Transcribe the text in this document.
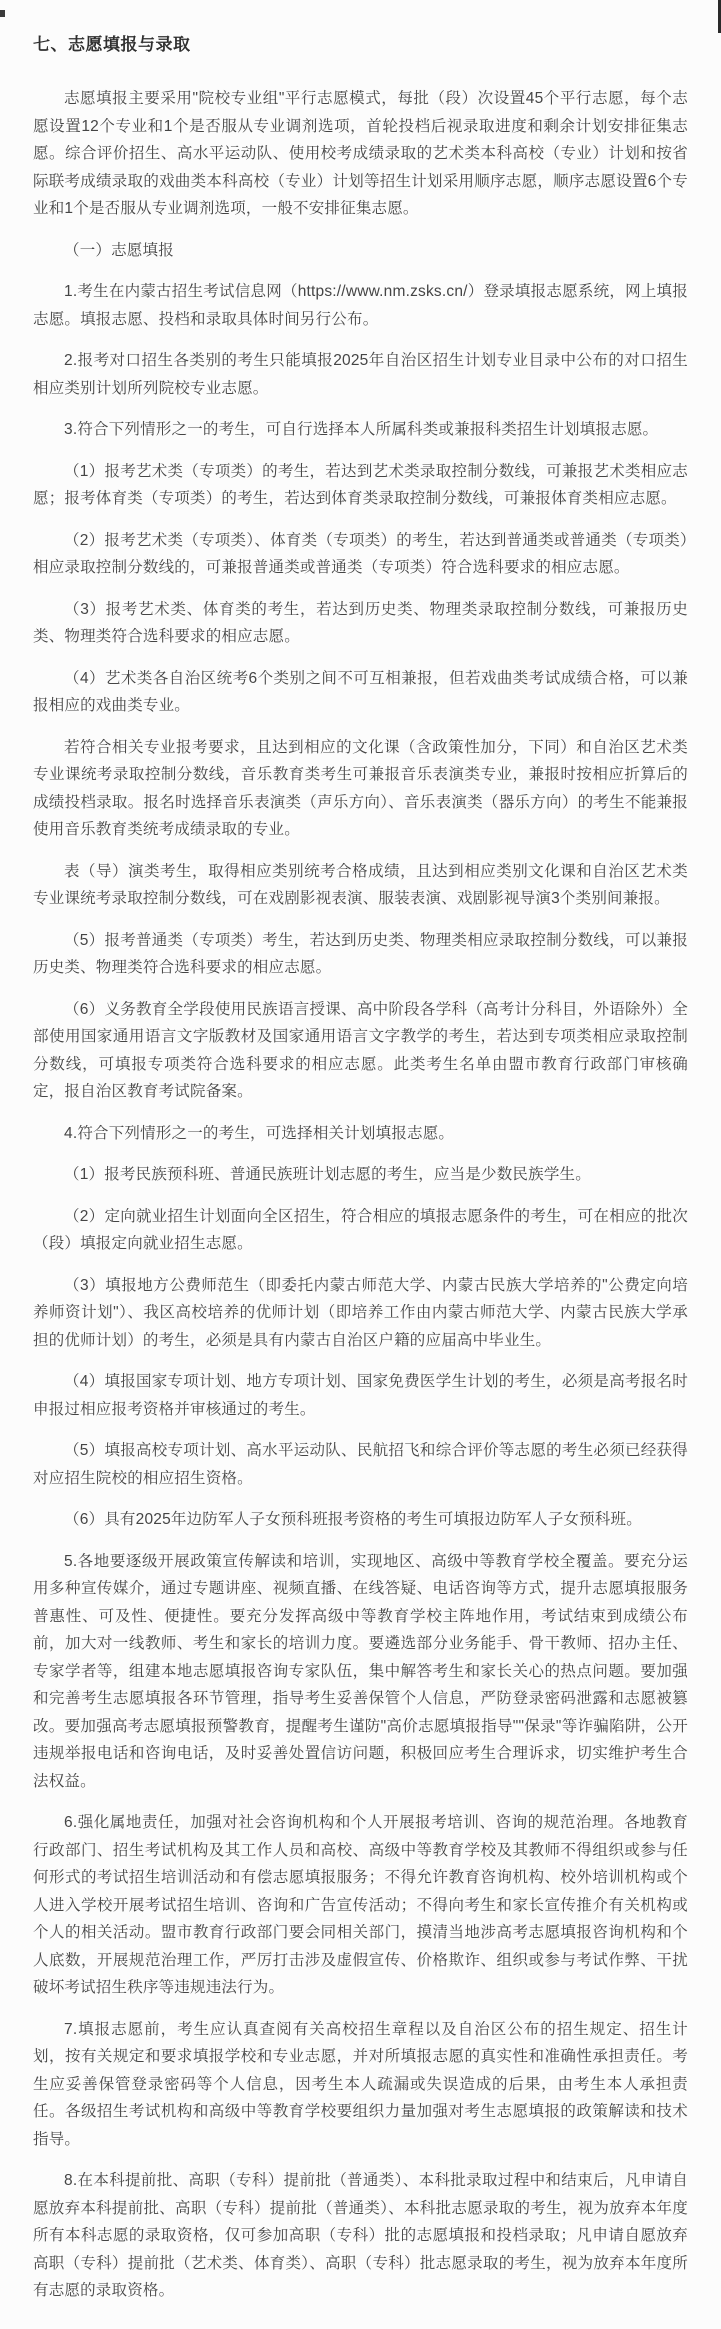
七、志愿填报与录取

志愿填报主要采用"院校专业组"平行志愿模式，每批（段）次设置45个平行志愿，每个志愿设置12个专业和1个是否服从专业调剂选项，首轮投档后视录取进度和剩余计划安排征集志愿。综合评价招生、高水平运动队、使用校考成绩录取的艺术类本科高校（专业）计划和按省际联考成绩录取的戏曲类本科高校（专业）计划等招生计划采用顺序志愿，顺序志愿设置6个专业和1个是否服从专业调剂选项，一般不安排征集志愿。

（一）志愿填报

1.考生在内蒙古招生考试信息网（https://www.nm.zsks.cn/）登录填报志愿系统，网上填报志愿。填报志愿、投档和录取具体时间另行公布。

2.报考对口招生各类别的考生只能填报2025年自治区招生计划专业目录中公布的对口招生相应类别计划所列院校专业志愿。

3.符合下列情形之一的考生，可自行选择本人所属科类或兼报科类招生计划填报志愿。

（1）报考艺术类（专项类）的考生，若达到艺术类录取控制分数线，可兼报艺术类相应志愿；报考体育类（专项类）的考生，若达到体育类录取控制分数线，可兼报体育类相应志愿。

（2）报考艺术类（专项类）、体育类（专项类）的考生，若达到普通类或普通类（专项类）相应录取控制分数线的，可兼报普通类或普通类（专项类）符合选科要求的相应志愿。

（3）报考艺术类、体育类的考生，若达到历史类、物理类录取控制分数线，可兼报历史类、物理类符合选科要求的相应志愿。

（4）艺术类各自治区统考6个类别之间不可互相兼报，但若戏曲类考试成绩合格，可以兼报相应的戏曲类专业。

若符合相关专业报考要求，且达到相应的文化课（含政策性加分，下同）和自治区艺术类专业课统考录取控制分数线，音乐教育类考生可兼报音乐表演类专业，兼报时按相应折算后的成绩投档录取。报名时选择音乐表演类（声乐方向）、音乐表演类（器乐方向）的考生不能兼报使用音乐教育类统考成绩录取的专业。

表（导）演类考生，取得相应类别统考合格成绩，且达到相应类别文化课和自治区艺术类专业课统考录取控制分数线，可在戏剧影视表演、服装表演、戏剧影视导演3个类别间兼报。

（5）报考普通类（专项类）考生，若达到历史类、物理类相应录取控制分数线，可以兼报历史类、物理类符合选科要求的相应志愿。

（6）义务教育全学段使用民族语言授课、高中阶段各学科（高考计分科目，外语除外）全部使用国家通用语言文字版教材及国家通用语言文字教学的考生，若达到专项类相应录取控制分数线，可填报专项类符合选科要求的相应志愿。此类考生名单由盟市教育行政部门审核确定，报自治区教育考试院备案。

4.符合下列情形之一的考生，可选择相关计划填报志愿。

（1）报考民族预科班、普通民族班计划志愿的考生，应当是少数民族学生。

（2）定向就业招生计划面向全区招生，符合相应的填报志愿条件的考生，可在相应的批次（段）填报定向就业招生志愿。

（3）填报地方公费师范生（即委托内蒙古师范大学、内蒙古民族大学培养的"公费定向培养师资计划"）、我区高校培养的优师计划（即培养工作由内蒙古师范大学、内蒙古民族大学承担的优师计划）的考生，必须是具有内蒙古自治区户籍的应届高中毕业生。

（4）填报国家专项计划、地方专项计划、国家免费医学生计划的考生，必须是高考报名时申报过相应报考资格并审核通过的考生。

（5）填报高校专项计划、高水平运动队、民航招飞和综合评价等志愿的考生必须已经获得对应招生院校的相应招生资格。

（6）具有2025年边防军人子女预科班报考资格的考生可填报边防军人子女预科班。

5.各地要逐级开展政策宣传解读和培训，实现地区、高级中等教育学校全覆盖。要充分运用多种宣传媒介，通过专题讲座、视频直播、在线答疑、电话咨询等方式，提升志愿填报服务普惠性、可及性、便捷性。要充分发挥高级中等教育学校主阵地作用，考试结束到成绩公布前，加大对一线教师、考生和家长的培训力度。要遴选部分业务能手、骨干教师、招办主任、专家学者等，组建本地志愿填报咨询专家队伍，集中解答考生和家长关心的热点问题。要加强和完善考生志愿填报各环节管理，指导考生妥善保管个人信息，严防登录密码泄露和志愿被篡改。要加强高考志愿填报预警教育，提醒考生谨防"高价志愿填报指导""保录"等诈骗陷阱，公开违规举报电话和咨询电话，及时妥善处置信访问题，积极回应考生合理诉求，切实维护考生合法权益。

6.强化属地责任，加强对社会咨询机构和个人开展报考培训、咨询的规范治理。各地教育行政部门、招生考试机构及其工作人员和高校、高级中等教育学校及其教师不得组织或参与任何形式的考试招生培训活动和有偿志愿填报服务；不得允许教育咨询机构、校外培训机构或个人进入学校开展考试招生培训、咨询和广告宣传活动；不得向考生和家长宣传推介有关机构或个人的相关活动。盟市教育行政部门要会同相关部门，摸清当地涉高考志愿填报咨询机构和个人底数，开展规范治理工作，严厉打击涉及虚假宣传、价格欺诈、组织或参与考试作弊、干扰破坏考试招生秩序等违规违法行为。

7.填报志愿前，考生应认真查阅有关高校招生章程以及自治区公布的招生规定、招生计划，按有关规定和要求填报学校和专业志愿，并对所填报志愿的真实性和准确性承担责任。考生应妥善保管登录密码等个人信息，因考生本人疏漏或失误造成的后果，由考生本人承担责任。各级招生考试机构和高级中等教育学校要组织力量加强对考生志愿填报的政策解读和技术指导。

8.在本科提前批、高职（专科）提前批（普通类）、本科批录取过程中和结束后，凡申请自愿放弃本科提前批、高职（专科）提前批（普通类）、本科批志愿录取的考生，视为放弃本年度所有本科志愿的录取资格，仅可参加高职（专科）批的志愿填报和投档录取；凡申请自愿放弃高职（专科）提前批（艺术类、体育类）、高职（专科）批志愿录取的考生，视为放弃本年度所有志愿的录取资格。
